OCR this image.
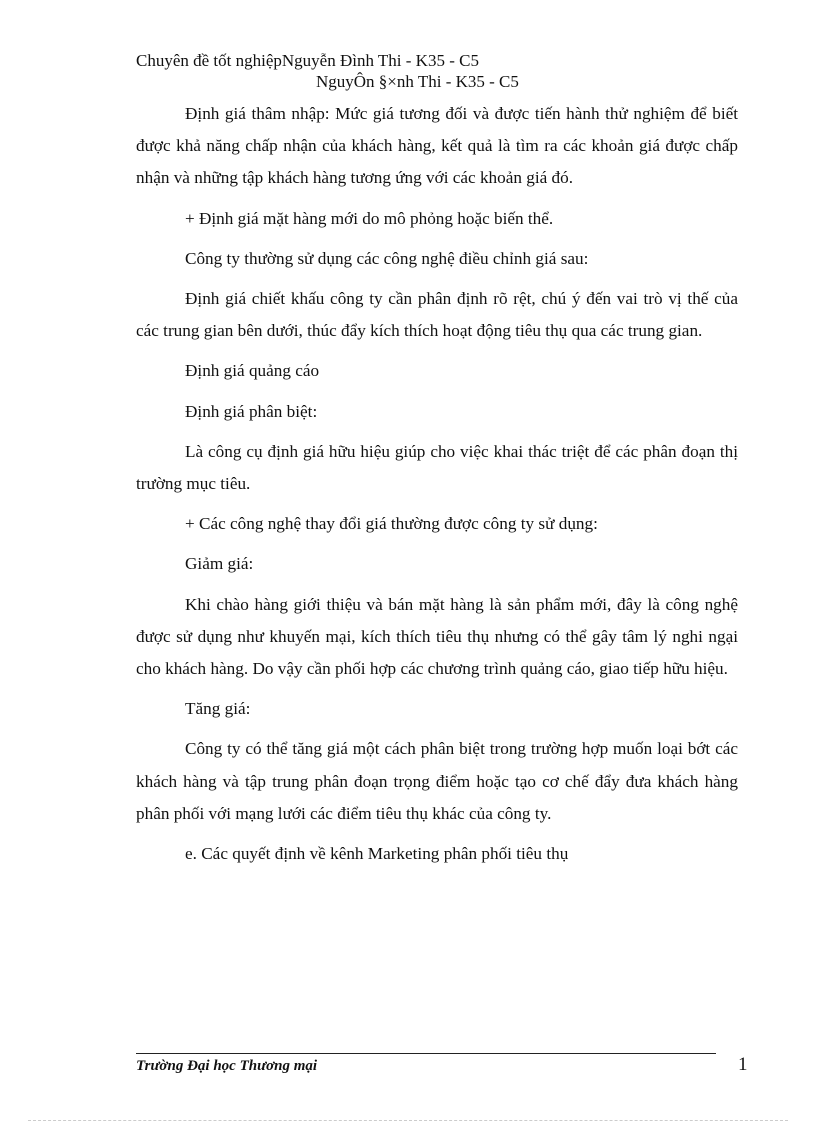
Chuyên đề tốt nghiệpNguyễn Đình Thi - K35 - C5
NguyÔn §×nh Thi - K35 - C5

Định giá thâm nhập: Mức giá tương đối và được tiến hành thử nghiệm để biết được khả năng chấp nhận của khách hàng, kết quả là tìm ra các khoản giá được chấp nhận và những tập khách hàng tương ứng với các khoản giá đó.

+ Định giá mặt hàng mới do mô phỏng hoặc biến thể.

Công ty thường sử dụng các công nghệ điều chỉnh giá sau:

Định giá chiết khấu công ty cần phân định rõ rệt, chú ý đến vai trò vị thế của các trung gian bên dưới, thúc đẩy kích thích hoạt động tiêu thụ qua các trung gian.

Định giá quảng cáo

Định giá phân biệt:

Là công cụ định giá hữu hiệu giúp cho việc khai thác triệt để các phân đoạn thị trường mục tiêu.

+ Các công nghệ thay đổi giá thường được công ty sử dụng:

Giảm giá:

Khi chào hàng giới thiệu và bán mặt hàng là sản phẩm mới, đây là công nghệ được sử dụng như khuyến mại, kích thích tiêu thụ nhưng có thể gây tâm lý nghi ngại cho khách hàng. Do vậy cần phối hợp các chương trình quảng cáo, giao tiếp hữu hiệu.

Tăng giá:

Công ty có thể tăng giá một cách phân biệt trong trường hợp muốn loại bớt các khách hàng và tập trung phân đoạn trọng điểm hoặc tạo cơ chế đẩy đưa khách hàng phân phối với mạng lưới các điểm tiêu thụ khác của công ty.

e. Các quyết định về kênh Marketing phân phối tiêu thụ

Trường Đại học Thương mại	1
